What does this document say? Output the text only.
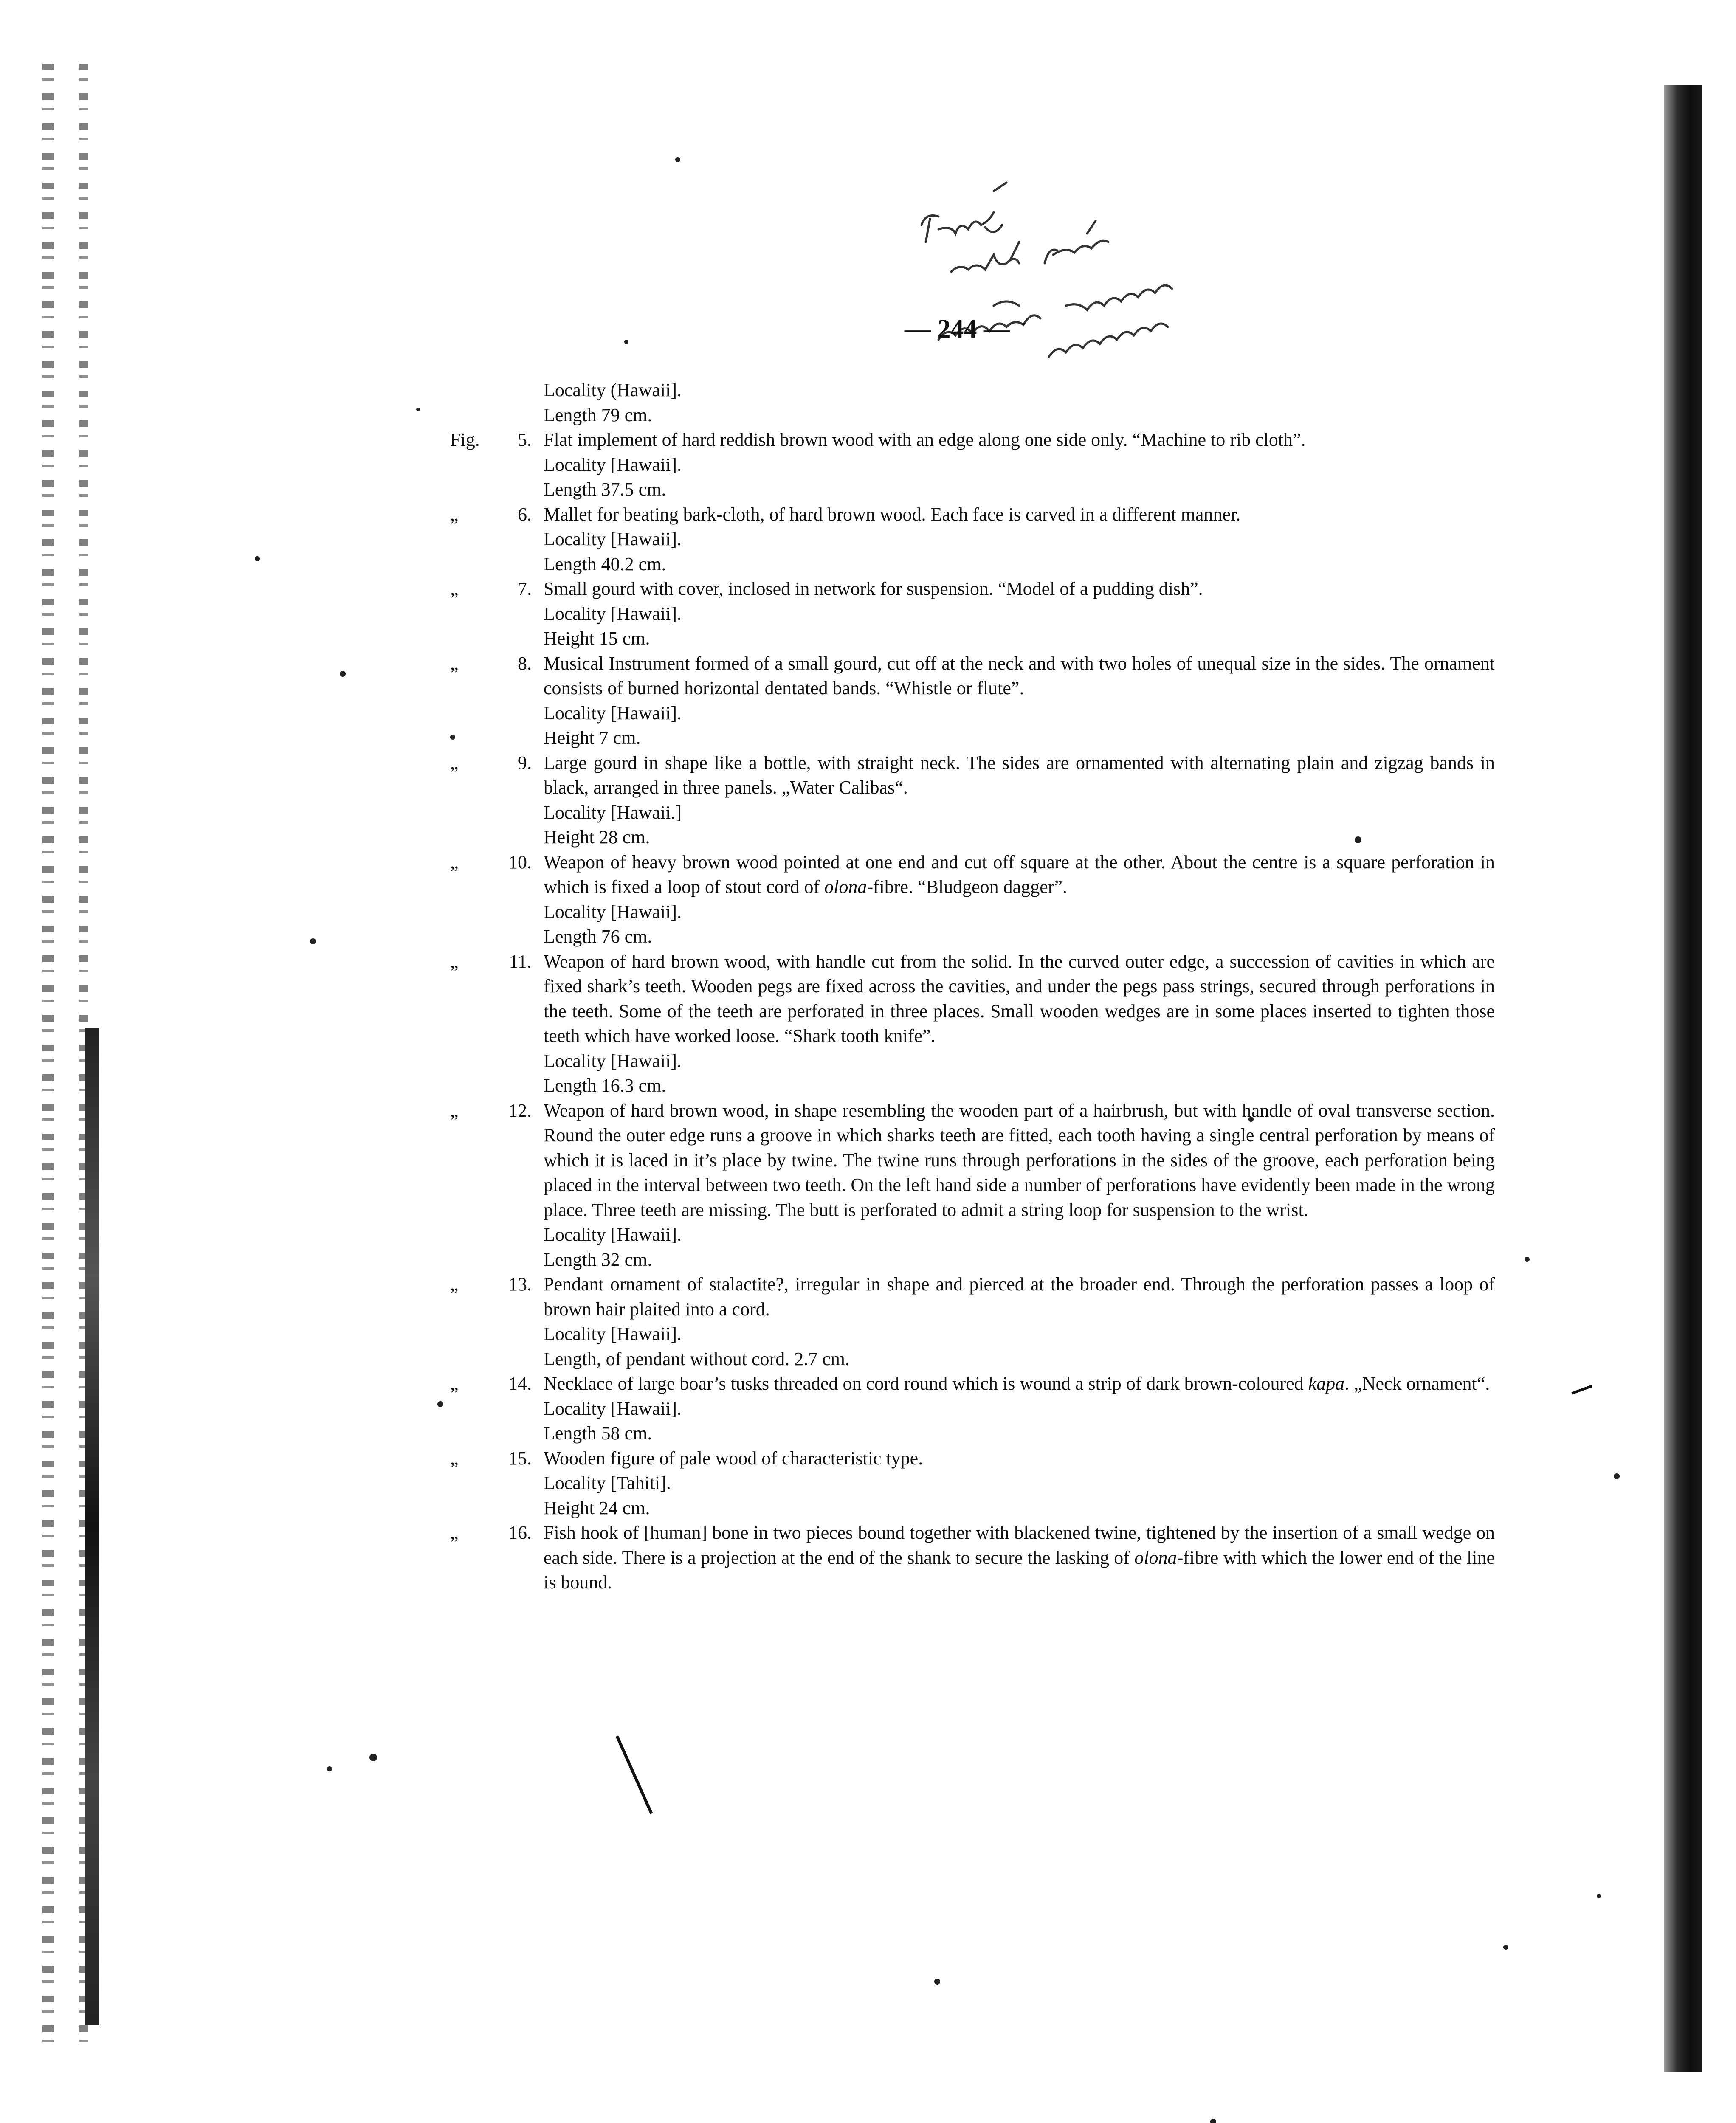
— 244 —
Locality (Hawaii].
Length 79 cm.
Fig.	5. Flat implement of hard reddish brown wood with an edge along one side only. “Machine to rib cloth”.
Locality [Hawaii].
Length 37.5 cm.
„	6. Mallet for beating bark-cloth, of hard brown wood. Each face is carved in a different manner.
Locality [Hawaii].
Length 40.2 cm.
„	7. Small gourd with cover, inclosed in network for suspension. “Model of a pudding dish”.
Locality [Hawaii].
Height 15 cm.
„	8. Musical Instrument formed of a small gourd, cut off at the neck and with two holes of unequal size in the sides. The ornament consists of burned horizontal dentated bands. “Whistle or flute”.
Locality [Hawaii].
Height 7 cm.
„	9. Large gourd in shape like a bottle, with straight neck. The sides are ornamented with alternating plain and zigzag bands in black, arranged in three panels. „Water Calibas“.
Locality [Hawaii.]
Height 28 cm.
„	10. Weapon of heavy brown wood pointed at one end and cut off square at the other. About the centre is a square perforation in which is fixed a loop of stout cord of olona-fibre. “Bludgeon dagger”.
Locality [Hawaii].
Length 76 cm.
„	11. Weapon of hard brown wood, with handle cut from the solid. In the curved outer edge, a succession of cavities in which are fixed shark’s teeth. Wooden pegs are fixed across the cavities, and under the pegs pass strings, secured through perforations in the teeth. Some of the teeth are perforated in three places. Small wooden wedges are in some places inserted to tighten those teeth which have worked loose. “Shark tooth knife”.
Locality [Hawaii].
Length 16.3 cm.
„	12. Weapon of hard brown wood, in shape resembling the wooden part of a hairbrush, but with handle of oval transverse section. Round the outer edge runs a groove in which sharks teeth are fitted, each tooth having a single central perforation by means of which it is laced in it’s place by twine. The twine runs through perforations in the sides of the groove, each perforation being placed in the interval between two teeth. On the left hand side a number of perforations have evidently been made in the wrong place. Three teeth are missing. The butt is perforated to admit a string loop for suspension to the wrist.
Locality [Hawaii].
Length 32 cm.
„	13. Pendant ornament of stalactite?, irregular in shape and pierced at the broader end. Through the perforation passes a loop of brown hair plaited into a cord.
Locality [Hawaii].
Length, of pendant without cord. 2.7 cm.
„	14. Necklace of large boar’s tusks threaded on cord round which is wound a strip of dark brown-coloured kapa. „Neck ornament“.
Locality [Hawaii].
Length 58 cm.
„	15. Wooden figure of pale wood of characteristic type.
Locality [Tahiti].
Height 24 cm.
„	16. Fish hook of [human] bone in two pieces bound together with blackened twine, tightened by the insertion of a small wedge on each side. There is a projection at the end of the shank to secure the lasking of olona-fibre with which the lower end of the line is bound.
